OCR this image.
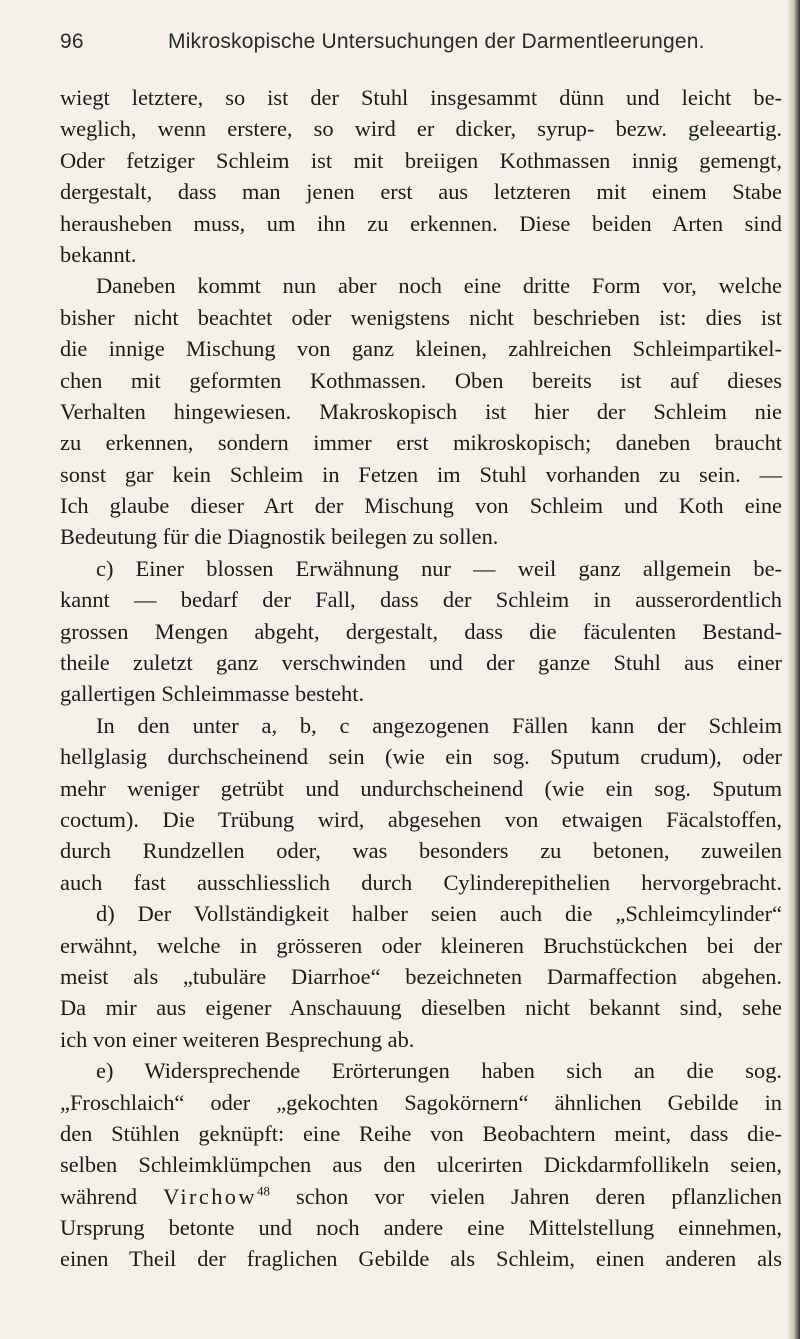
96	Mikroskopische Untersuchungen der Darmentleerungen.
wiegt letztere, so ist der Stuhl insgesammt dünn und leicht be-
weglich, wenn erstere, so wird er dicker, syrup- bezw. geleeartig.
Oder fetziger Schleim ist mit breiigen Kothmassen innig gemengt,
dergestalt, dass man jenen erst aus letzteren mit einem Stabe
herausheben muss, um ihn zu erkennen. Diese beiden Arten sind
bekannt.
Daneben kommt nun aber noch eine dritte Form vor, welche
bisher nicht beachtet oder wenigstens nicht beschrieben ist: dies ist
die innige Mischung von ganz kleinen, zahlreichen Schleimpartikel-
chen mit geformten Kothmassen. Oben bereits ist auf dieses
Verhalten hingewiesen. Makroskopisch ist hier der Schleim nie
zu erkennen, sondern immer erst mikroskopisch; daneben braucht
sonst gar kein Schleim in Fetzen im Stuhl vorhanden zu sein. —
Ich glaube dieser Art der Mischung von Schleim und Koth eine
Bedeutung für die Diagnostik beilegen zu sollen.
c) Einer blossen Erwähnung nur — weil ganz allgemein be-
kannt — bedarf der Fall, dass der Schleim in ausserordentlich
grossen Mengen abgeht, dergestalt, dass die fäculenten Bestand-
theile zuletzt ganz verschwinden und der ganze Stuhl aus einer
gallertigen Schleimmasse besteht.
In den unter a, b, c angezogenen Fällen kann der Schleim
hellglasig durchscheinend sein (wie ein sog. Sputum crudum), oder
mehr weniger getrübt und undurchscheinend (wie ein sog. Sputum
coctum). Die Trübung wird, abgesehen von etwaigen Fäcalstoffen,
durch Rundzellen oder, was besonders zu betonen, zuweilen
auch fast ausschliesslich durch Cylinderepithelien hervorgebracht.
d) Der Vollständigkeit halber seien auch die „Schleimcylinder“
erwähnt, welche in grösseren oder kleineren Bruchstückchen bei der
meist als „tubuläre Diarrhoe“ bezeichneten Darmaffection abgehen.
Da mir aus eigener Anschauung dieselben nicht bekannt sind, sehe
ich von einer weiteren Besprechung ab.
e) Widersprechende Erörterungen haben sich an die sog.
„Froschlaich“ oder „gekochten Sagokörnern“ ähnlichen Gebilde in
den Stühlen geknüpft: eine Reihe von Beobachtern meint, dass die-
selben Schleimklümpchen aus den ulcerirten Dickdarmfollikeln seien,
während Virchow$^{48}$ schon vor vielen Jahren deren pflanzlichen
Ursprung betonte und noch andere eine Mittelstellung einnehmen,
einen Theil der fraglichen Gebilde als Schleim, einen anderen als
